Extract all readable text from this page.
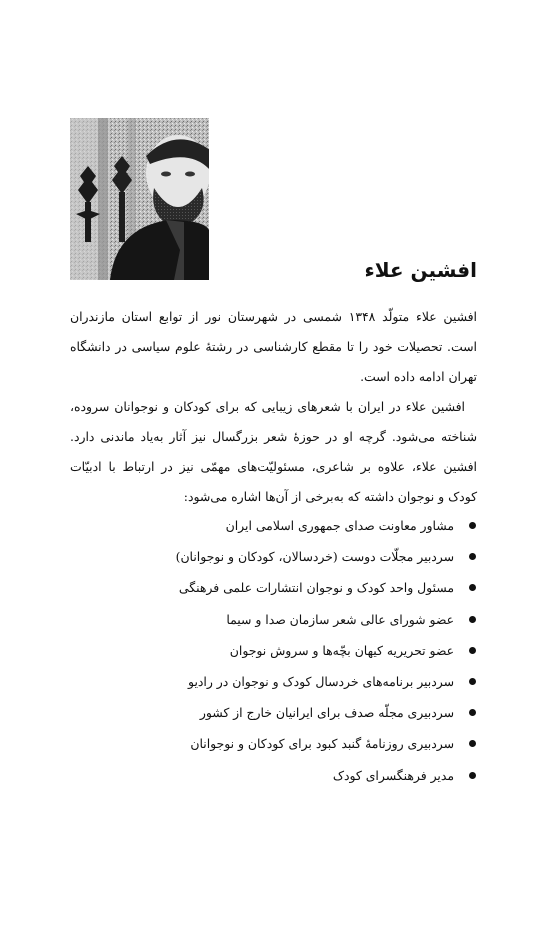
افشین علاء

افشین علاء متولّد ۱۳۴۸ شمسی در شهرستان نور از توابع استان مازندران است. تحصیلات خود را تا مقطع کارشناسی در رشتهٔ علوم سیاسی در دانشگاه تهران ادامه داده است.

افشین علاء در ایران با شعرهای زیبایی که برای کودکان و نوجوانان سروده، شناخته می‌شود. گرچه او در حوزهٔ شعر بزرگسال نیز آثار به‌یاد ماندنی دارد. افشین علاء، علاوه بر شاعری، مسئولیّت‌های مهمّی نیز در ارتباط با ادبیّات کودک و نوجوان داشته که به‌برخی از آن‌ها اشاره می‌شود:

مشاور معاونت صدای جمهوری اسلامی ایران
سردبیر مجلّات دوست (خردسالان، کودکان و نوجوانان)
مسئول واحد کودک و نوجوان انتشارات علمی فرهنگی
عضو شورای عالی شعر سازمان صدا و سیما
عضو تحریریه کیهان بچّه‌ها و سروش نوجوان
سردبیر برنامه‌های خردسال کودک و نوجوان در رادیو
سردبیری مجلّه صدف برای ایرانیان خارج از کشور
سردبیری روزنامهٔ گنبد کبود برای کودکان و نوجوانان
مدیر فرهنگسرای کودک
